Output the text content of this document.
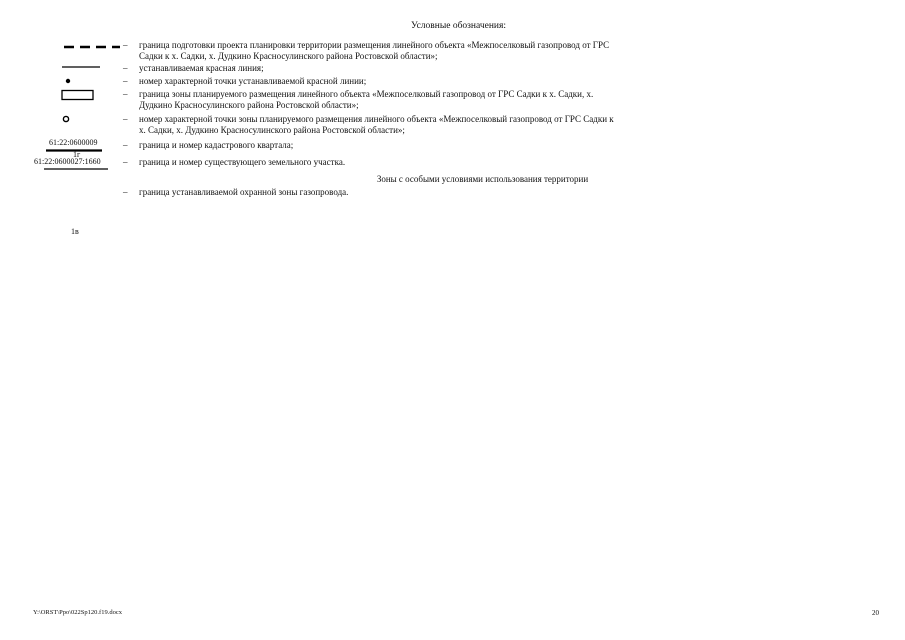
Условные обозначения:
– граница подготовки проекта планировки территории размещения линейного объекта «Межпоселковый газопровод от ГРС
Садки к х. Садки, х. Дудкино Красносулинского района Ростовской области»;
– устанавливаемая красная линия;
1г
– номер характерной точки устанавливаемой красной линии;
– граница зоны планируемого размещения линейного объекта «Межпоселковый газопровод от ГРС Садки к х. Садки, х.
Дудкино Красносулинского района Ростовской области»;
1в
– номер характерной точки зоны планируемого размещения линейного объекта «Межпоселковый газопровод от ГРС Садки к
х. Садки, х. Дудкино Красносулинского района Ростовской области»;
61:22:0600009	– граница и номер кадастрового квартала;
61:22:0600027:1660 – граница и номер существующего земельного участка.
Зоны с особыми условиями использования территории
– граница устанавливаемой охранной зоны газопровода.
Y:\ORST\Ppo\022Sp120.f19.docx	20
